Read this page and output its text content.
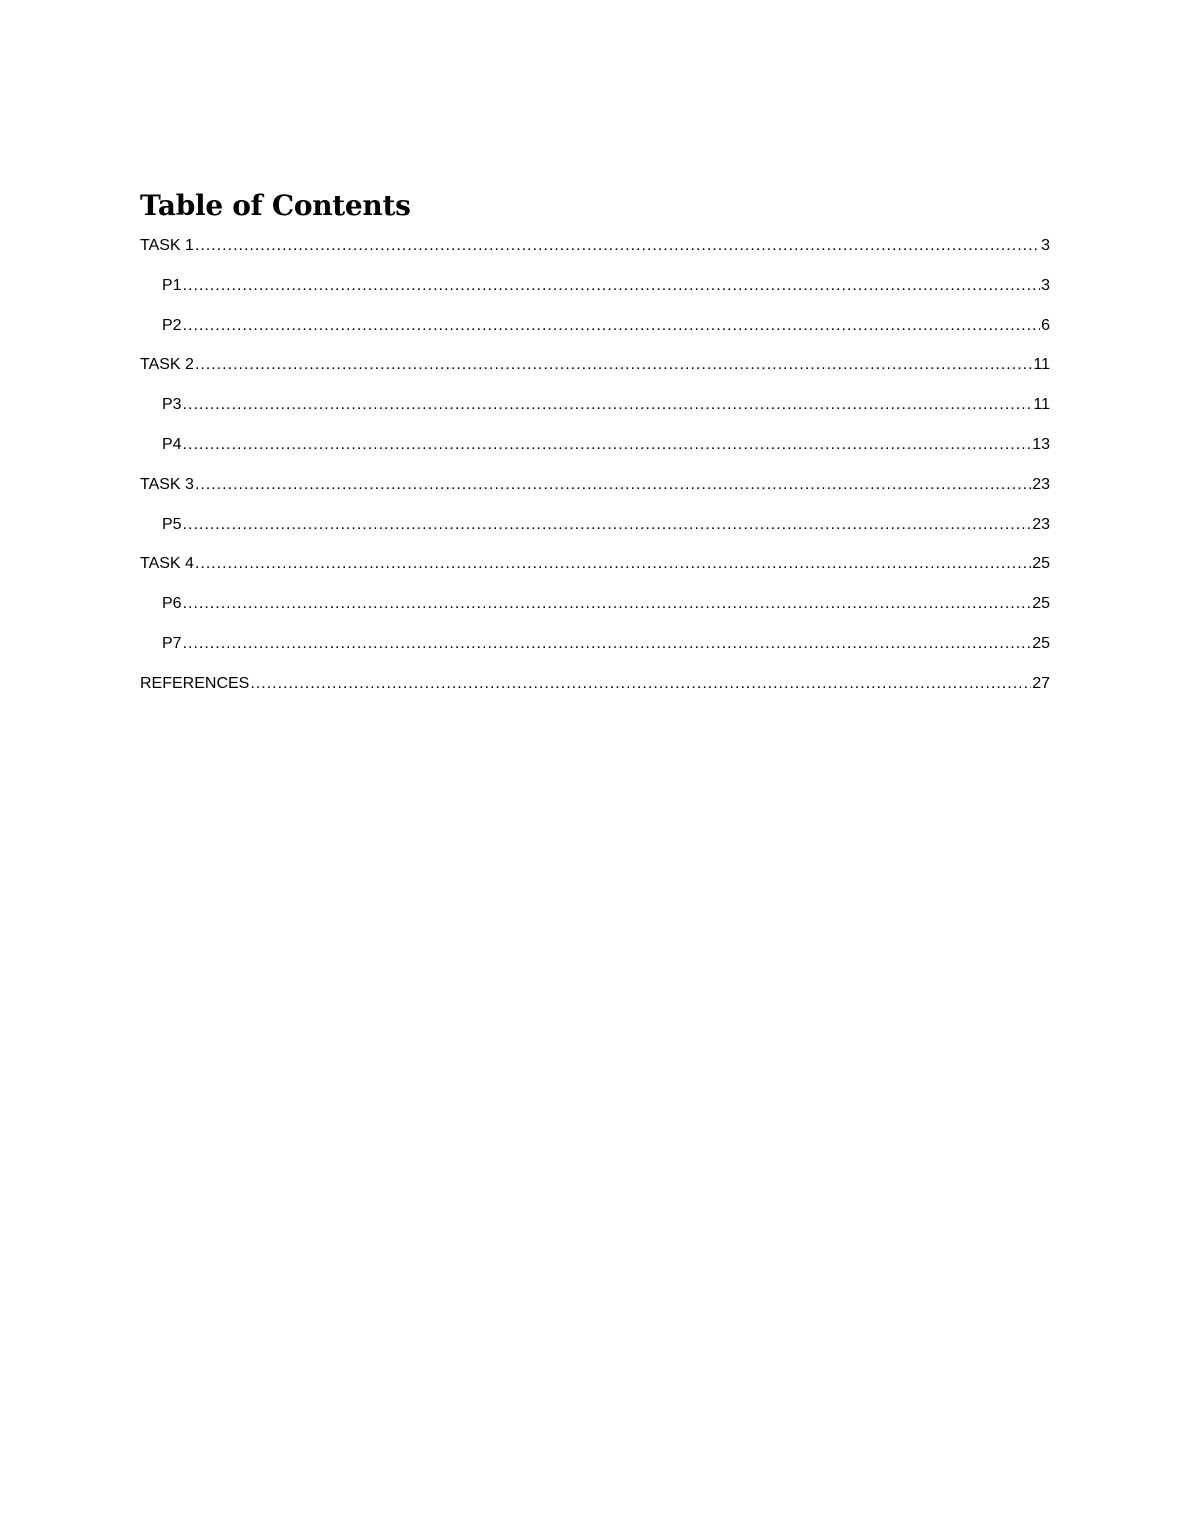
Table of Contents
TASK 1 .....	3
P1 .....	3
P2 .....	6
TASK 2 .....	11
P3 .....	11
P4 .....	13
TASK 3 .....	23
P5 .....	23
TASK 4 .....	25
P6 .....	25
P7 .....	25
REFERENCES .....	27
